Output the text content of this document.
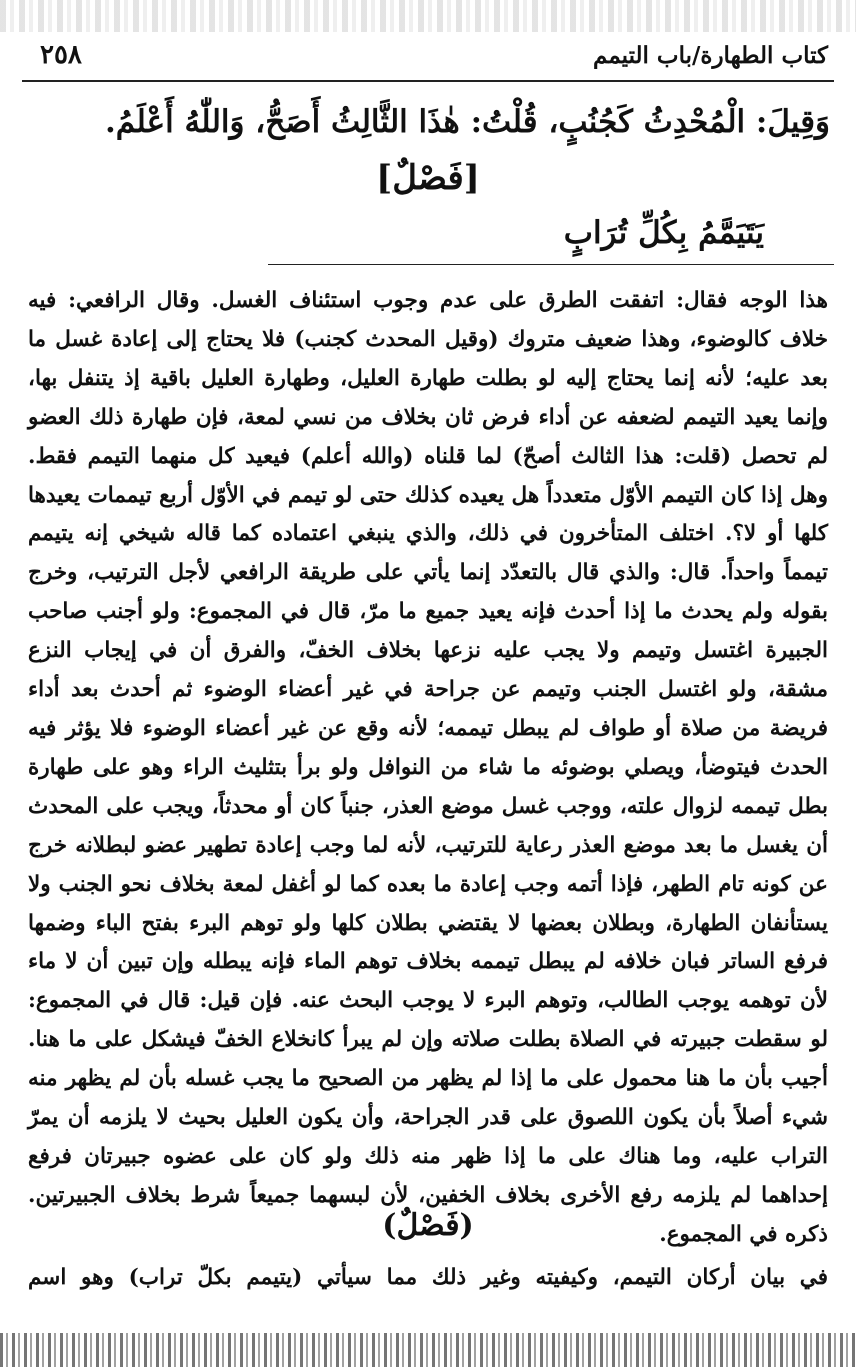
كتاب الطهارة/باب التيمم
٢٥٨
وَقِيلَ: الْمُحْدِثُ كَجُنُبٍ، قُلْتُ: هٰذَا الثَّالِثُ أَصَحُّ، وَاللّٰهُ أَعْلَمُ.
[فَصْلٌ]
يَتَيَمَّمُ بِكُلِّ تُرَابٍ

هذا الوجه فقال: اتفقت الطرق على عدم وجوب استئناف الغسل. وقال الرافعي: فيه خلاف كالوضوء، وهذا ضعيف متروك (وقيل المحدث كجنب) فلا يحتاج إلى إعادة غسل ما بعد عليه؛ لأنه إنما يحتاج إليه لو بطلت طهارة العليل، وطهارة العليل باقية إذ يتنفل بها، وإنما يعيد التيمم لضعفه عن أداء فرض ثان بخلاف من نسي لمعة، فإن طهارة ذلك العضو لم تحصل (قلت: هذا الثالث أصحّ) لما قلناه (والله أعلم) فيعيد كل منهما التيمم فقط. وهل إذا كان التيمم الأوّل متعدداً هل يعيده كذلك حتى لو تيمم في الأوّل أربع تيممات يعيدها كلها أو لا؟. اختلف المتأخرون في ذلك، والذي ينبغي اعتماده كما قاله شيخي إنه يتيمم تيمماً واحداً. قال: والذي قال بالتعدّد إنما يأتي على طريقة الرافعي لأجل الترتيب، وخرج بقوله ولم يحدث ما إذا أحدث فإنه يعيد جميع ما مرّ، قال في المجموع: ولو أجنب صاحب الجبيرة اغتسل وتيمم ولا يجب عليه نزعها بخلاف الخفّ، والفرق أن في إيجاب النزع مشقة، ولو اغتسل الجنب وتيمم عن جراحة في غير أعضاء الوضوء ثم أحدث بعد أداء فريضة من صلاة أو طواف لم يبطل تيممه؛ لأنه وقع عن غير أعضاء الوضوء فلا يؤثر فيه الحدث فيتوضأ، ويصلي بوضوئه ما شاء من النوافل ولو برأ بتثليث الراء وهو على طهارة بطل تيممه لزوال علته، ووجب غسل موضع العذر، جنباً كان أو محدثاً، ويجب على المحدث أن يغسل ما بعد موضع العذر رعاية للترتيب، لأنه لما وجب إعادة تطهير عضو لبطلانه خرج عن كونه تام الطهر، فإذا أتمه وجب إعادة ما بعده كما لو أغفل لمعة بخلاف نحو الجنب ولا يستأنفان الطهارة، وبطلان بعضها لا يقتضي بطلان كلها ولو توهم البرء بفتح الباء وضمها فرفع الساتر فبان خلافه لم يبطل تيممه بخلاف توهم الماء فإنه يبطله وإن تبين أن لا ماء لأن توهمه يوجب الطالب، وتوهم البرء لا يوجب البحث عنه. فإن قيل: قال في المجموع: لو سقطت جبيرته في الصلاة بطلت صلاته وإن لم يبرأ كانخلاع الخفّ فيشكل على ما هنا. أجيب بأن ما هنا محمول على ما إذا لم يظهر من الصحيح ما يجب غسله بأن لم يظهر منه شيء أصلاً بأن يكون اللصوق على قدر الجراحة، وأن يكون العليل بحيث لا يلزمه أن يمرّ التراب عليه، وما هناك على ما إذا ظهر منه ذلك ولو كان على عضوه جبيرتان فرفع إحداهما لم يلزمه رفع الأخرى بخلاف الخفين، لأن لبسهما جميعاً شرط بخلاف الجبيرتين. ذكره في المجموع.

(فَصْلٌ)
في بيان أركان التيمم، وكيفيته وغير ذلك مما سيأتي (يتيمم بكلّ تراب) وهو اسم
